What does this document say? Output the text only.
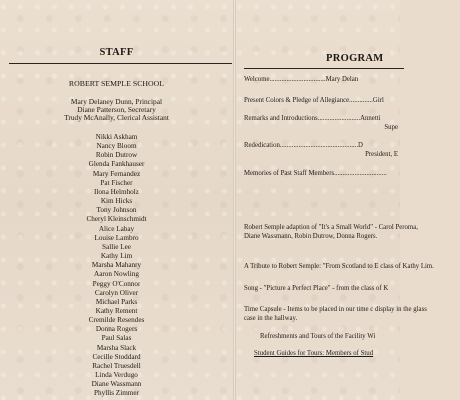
STAFF
ROBERT SEMPLE SCHOOL
Mary Delaney Dunn, Principal
Diane Patterson, Secretary
Trudy McAnally, Clerical Assistant
Nikki Askham
Nancy Bloom
Robin Dutrow
Glenda Fankhauser
Mary Fernandez
Pat Fischer
Ilona Helmholz
Kim Hicks
Tony Johnson
Cheryl Kleinschmidt
Alice Labay
Louise Lambro
Sallie Lee
Kathy Lim
Marsha Mahanry
Aaron Nowling
Peggy O'Connor
Carolyn Oliver
Michael Parks
Kathy Rement
Cremilde Resendes
Donna Rogers
Paul Salas
Marsha Slack
Cecille Stoddard
Rachel Truesdell
Linda Verdugo
Diane Wassmann
Phyllis Zimmer
PROGRAM
Welcome.................................Mary Delan
Present Colors & Pledge of Allegiance..............Girl
Remarks and Introductions.........................Annetti
Supe
Rededication..............................................D
President, E
Memories of Past Staff Members...............................
Robert Semple adaption of "It's a Small World" - Carol Peroma, Diane Wassmann, Robin Dutrow, Donna Rogers.
A Tribute to Robert Semple: "From Scotland to E class of Kathy Lim.
Song - "Picture a Perfect Place" - from the class of K
Time Capsule - Items to be placed in our time c display in the glass case in the hallway.
Refreshments and Tours of the Facility Wi
Student Guides for Tours: Members of Stud
